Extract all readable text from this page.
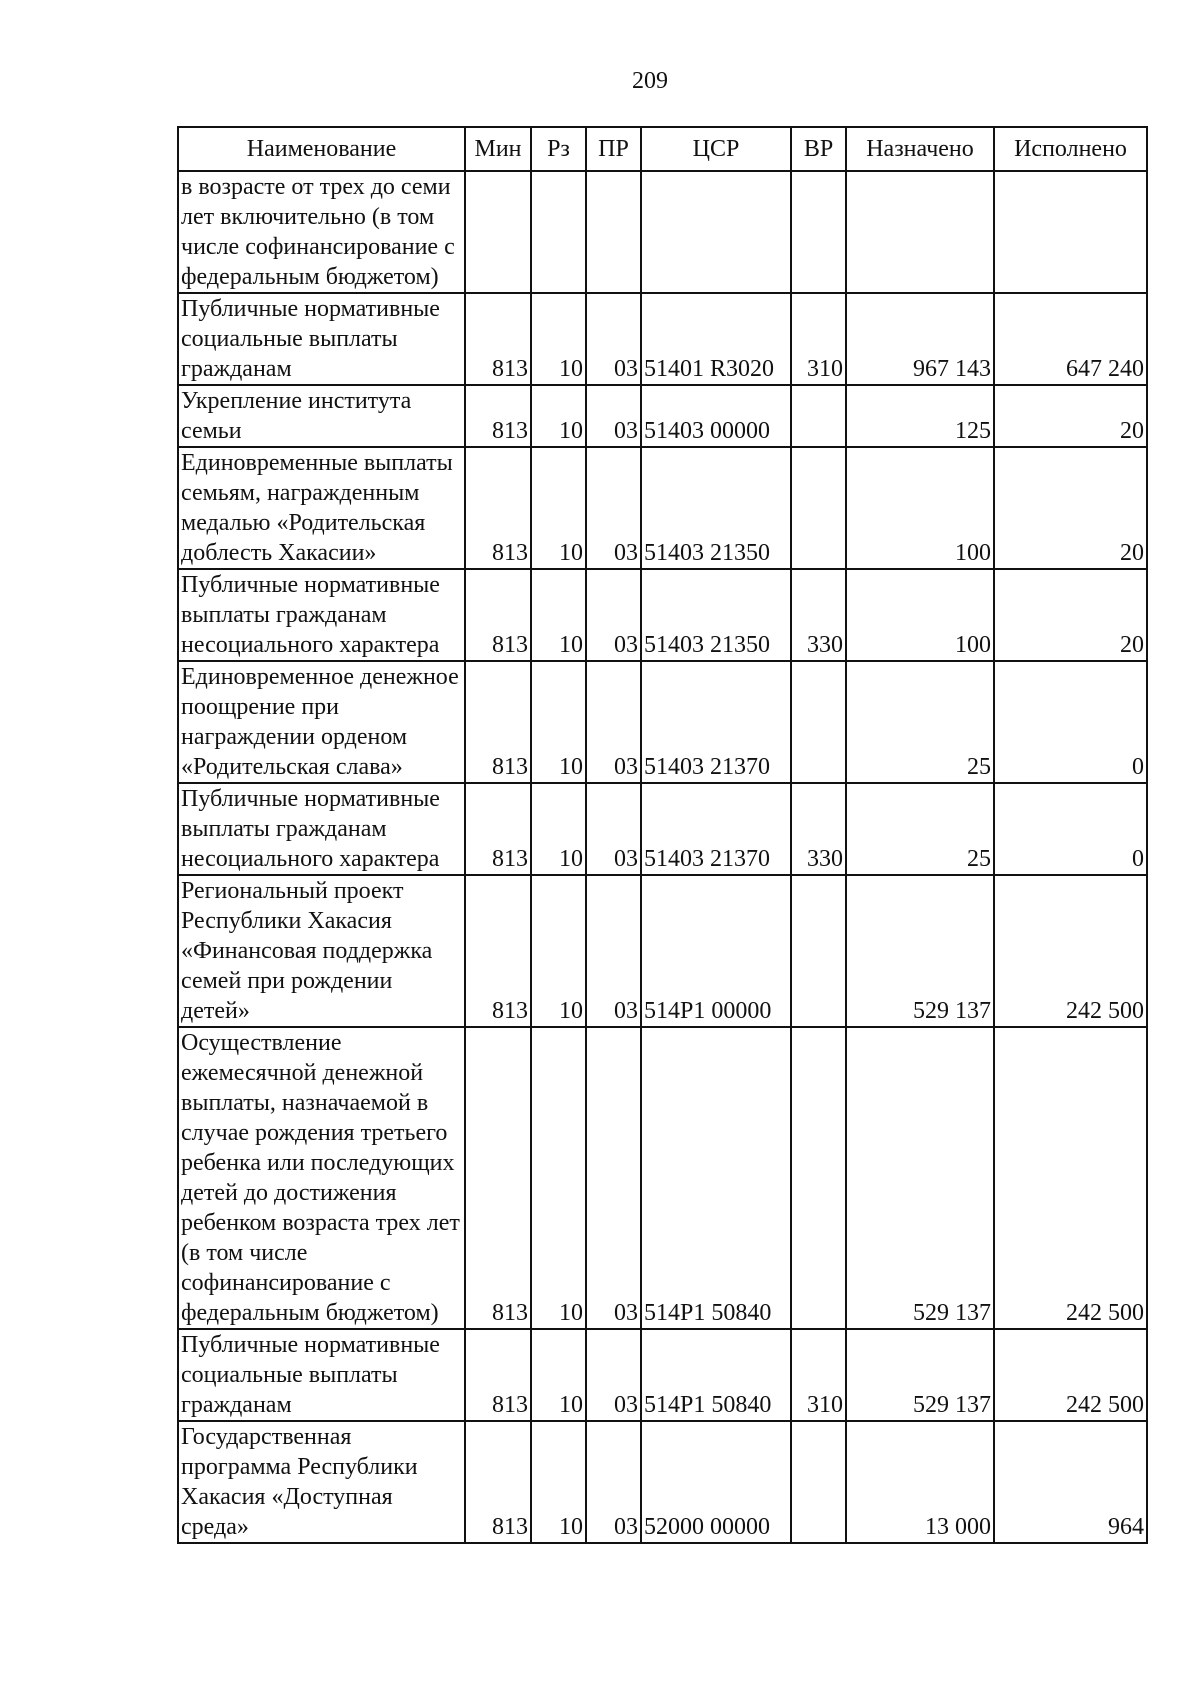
209
Наименование	Мин	Рз	ПР	ЦСР	ВР	Назначено	Исполнено
в возрасте от трех до семи лет включительно (в том числе софинансирование с федеральным бюджетом)							
Публичные нормативные социальные выплаты гражданам	813	10	03	51401 R3020	310	967 143	647 240
Укрепление института семьи	813	10	03	51403 00000		125	20
Единовременные выплаты семьям, награжденным медалью «Родительская доблесть Хакасии»	813	10	03	51403 21350		100	20
Публичные нормативные выплаты гражданам несоциального характера	813	10	03	51403 21350	330	100	20
Единовременное денежное поощрение при награждении орденом «Родительская слава»	813	10	03	51403 21370		25	0
Публичные нормативные выплаты гражданам несоциального характера	813	10	03	51403 21370	330	25	0
Региональный проект Республики Хакасия «Финансовая поддержка семей при рождении детей»	813	10	03	514P1 00000		529 137	242 500
Осуществление ежемесячной денежной выплаты, назначаемой в случае рождения третьего ребенка или последующих детей до достижения ребенком возраста трех лет (в том числе софинансирование с федеральным бюджетом)	813	10	03	514P1 50840		529 137	242 500
Публичные нормативные социальные выплаты гражданам	813	10	03	514P1 50840	310	529 137	242 500
Государственная программа Республики Хакасия «Доступная среда»	813	10	03	52000 00000		13 000	964
